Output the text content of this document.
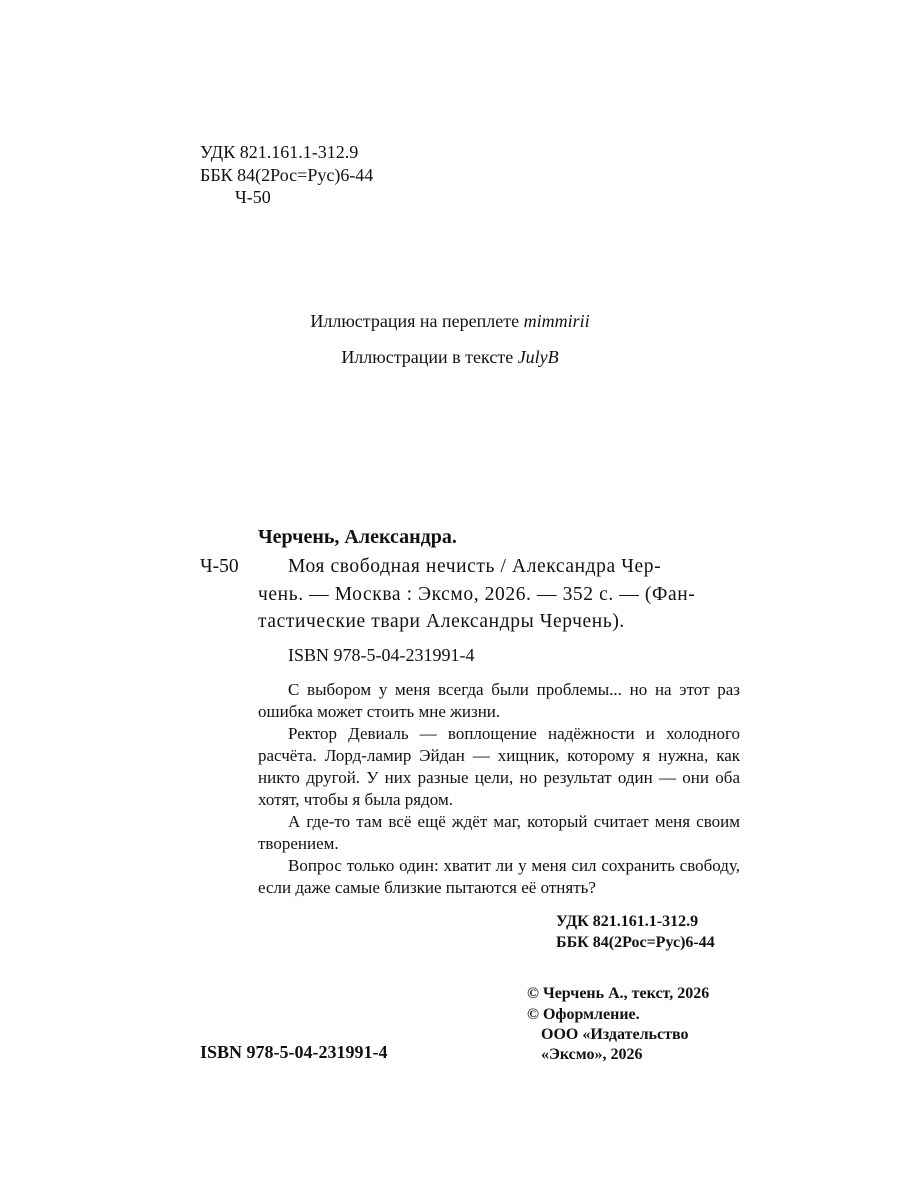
УДК 821.161.1-312.9
ББК 84(2Рос=Рус)6-44
Ч-50
Иллюстрация на переплете mimmirii
Иллюстрации в тексте JulyB
Черчень, Александра.
Ч-50	Моя свободная нечисть / Александра Чер-
чень. — Москва : Эксмо, 2026. — 352 с. — (Фан-
тастические твари Александры Черчень).
ISBN 978-5-04-231991-4

С выбором у меня всегда были проблемы... но на этот раз ошибка может стоить мне жизни.

Ректор Девиаль — воплощение надёжности и холодного расчёта. Лорд-ламир Эйдан — хищник, которому я нужна, как никто другой. У них разные цели, но результат один — они оба хотят, чтобы я была рядом.

А где-то там всё ещё ждёт маг, который считает меня своим творением.

Вопрос только один: хватит ли у меня сил сохранить свободу, если даже самые близкие пытаются её отнять?

УДК 821.161.1-312.9
ББК 84(2Рос=Рус)6-44
© Черчень А., текст, 2026
© Оформление.
ООО «Издательство
«Эксмо», 2026
ISBN 978-5-04-231991-4
